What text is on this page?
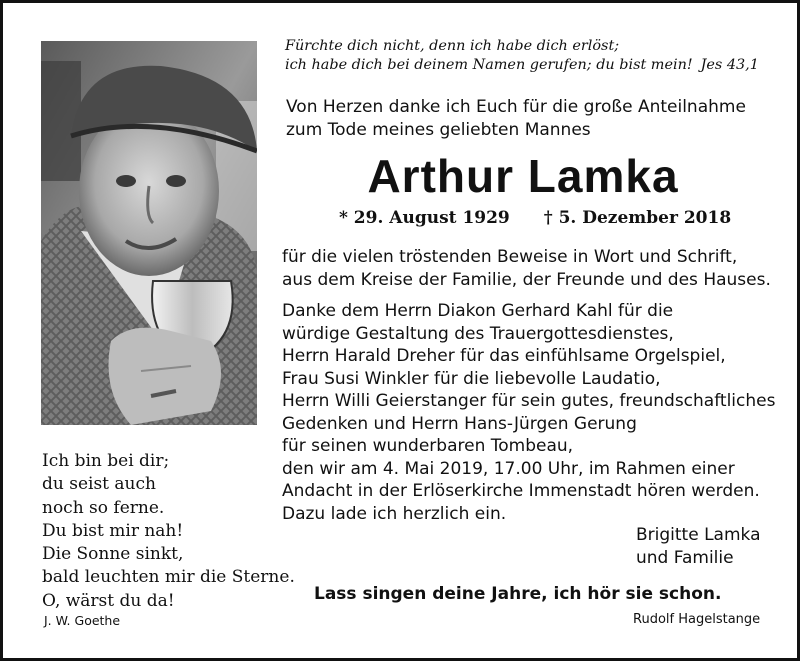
Fürchte dich nicht, denn ich habe dich erlöst;
ich habe dich bei deinem Namen gerufen; du bist mein! Jes 43,1
Von Herzen danke ich Euch für die große Anteilnahme
zum Tode meines geliebten Mannes
Arthur Lamka
* 29. August 1929 † 5. Dezember 2018
für die vielen tröstenden Beweise in Wort und Schrift,
aus dem Kreise der Familie, der Freunde und des Hauses.
Danke dem Herrn Diakon Gerhard Kahl für die
würdige Gestaltung des Trauergottesdienstes,
Herrn Harald Dreher für das einfühlsame Orgelspiel,
Frau Susi Winkler für die liebevolle Laudatio,
Herrn Willi Geierstanger für sein gutes, freundschaftliches
Gedenken und Herrn Hans-Jürgen Gerung
für seinen wunderbaren Tombeau,
den wir am 4. Mai 2019, 17.00 Uhr, im Rahmen einer
Andacht in der Erlöserkirche Immenstadt hören werden.
Dazu lade ich herzlich ein.
Ich bin bei dir;
du seist auch
noch so ferne.
Du bist mir nah!
Die Sonne sinkt,
bald leuchten mir die Sterne.
O, wärst du da!
J. W. Goethe
Brigitte Lamka
und Familie
Lass singen deine Jahre, ich hör sie schon.
Rudolf Hagelstange
